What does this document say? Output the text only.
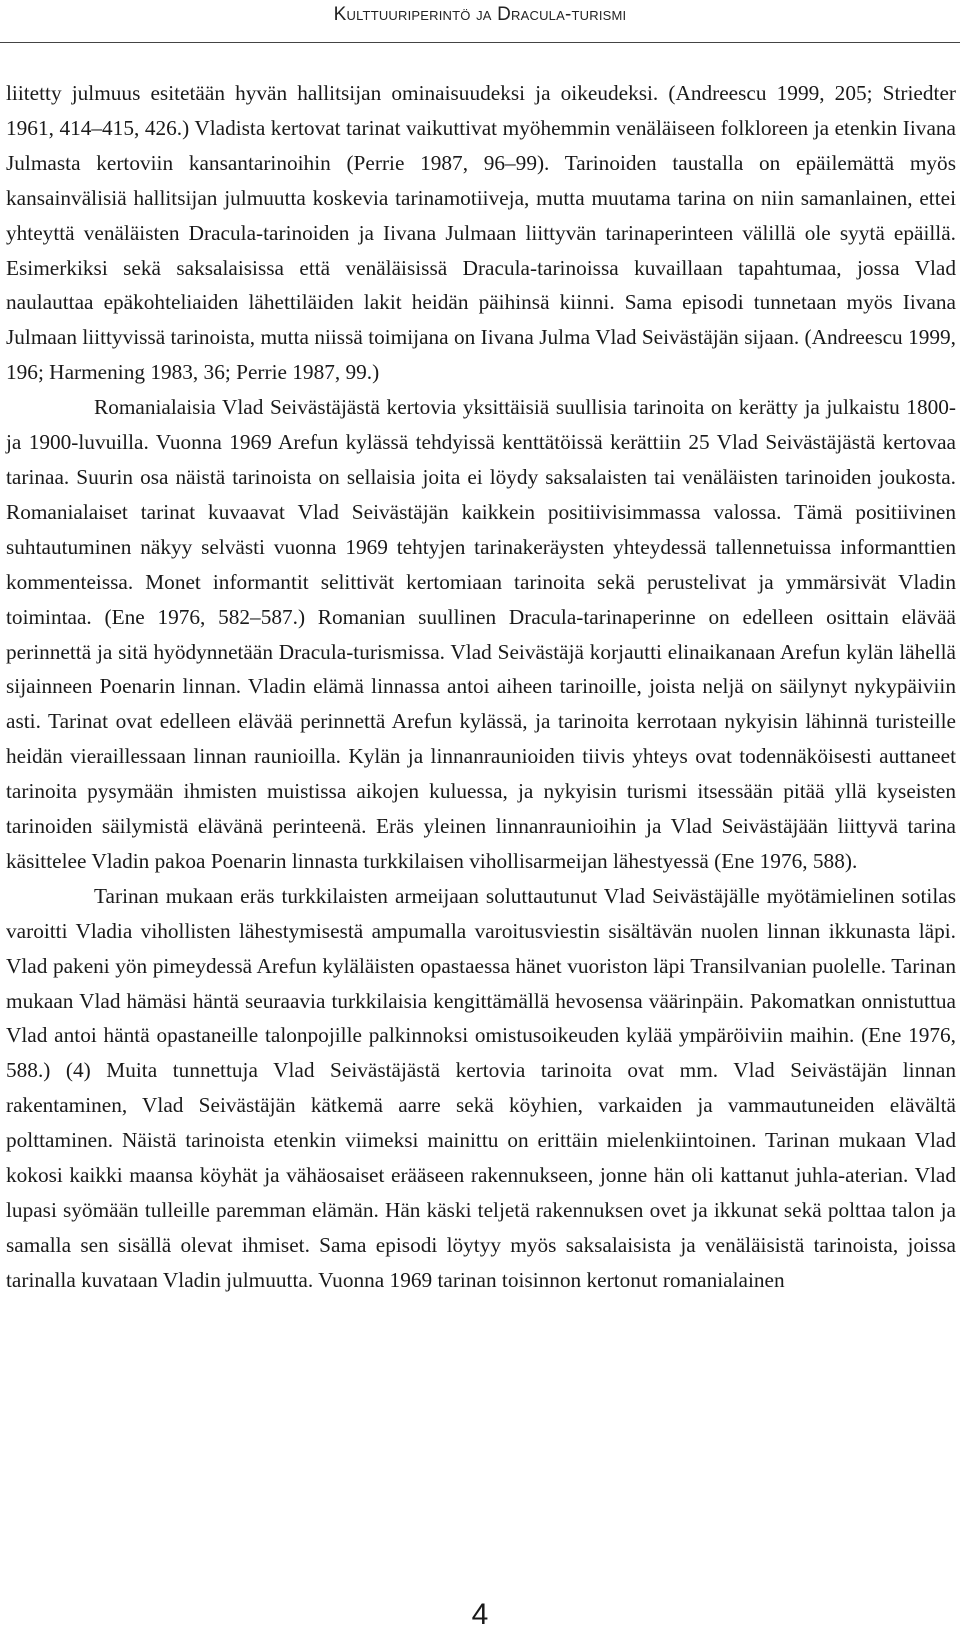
Kulttuuriperintö ja Dracula-turismi

liitetty julmuus esitetään hyvän hallitsijan ominaisuudeksi ja oikeudeksi. (Andreescu 1999, 205; Striedter 1961, 414–415, 426.) Vladista kertovat tarinat vaikuttivat myöhemmin venäläiseen folkloreen ja etenkin Iivana Julmasta kertoviin kansantarinoihin (Perrie 1987, 96–99). Tarinoiden taustalla on epäilemättä myös kansainvälisiä hallitsijan julmuutta koskevia tarinamotiiveja, mutta muutama tarina on niin samanlainen, ettei yhteyttä venäläisten Dracula-tarinoiden ja Iivana Julmaan liittyvän tarinaperinteen välillä ole syytä epäillä. Esimerkiksi sekä saksalaisissa että venäläisissä Dracula-tarinoissa kuvaillaan tapahtumaa, jossa Vlad naulauttaa epäkohteliaiden lähettiläiden lakit heidän päihinsä kiinni. Sama episodi tunnetaan myös Iivana Julmaan liittyvissä tarinoista, mutta niissä toimijana on Iivana Julma Vlad Seivästäjän sijaan. (Andreescu 1999, 196; Harmening 1983, 36; Perrie 1987, 99.)

Romanialaisia Vlad Seivästäjästä kertovia yksittäisiä suullisia tarinoita on kerätty ja julkaistu 1800- ja 1900-luvuilla. Vuonna 1969 Arefun kylässä tehdyissä kenttätöissä kerättiin 25 Vlad Seivästäjästä kertovaa tarinaa. Suurin osa näistä tarinoista on sellaisia joita ei löydy saksalaisten tai venäläisten tarinoiden joukosta. Romanialaiset tarinat kuvaavat Vlad Seivästäjän kaikkein positiivisimmassa valossa. Tämä positiivinen suhtautuminen näkyy selvästi vuonna 1969 tehtyjen tarinakeräysten yhteydessä tallennetuissa informanttien kommenteissa. Monet informantit selittivät kertomiaan tarinoita sekä perustelivat ja ymmärsivät Vladin toimintaa. (Ene 1976, 582–587.) Romanian suullinen Dracula-tarinaperinne on edelleen osittain elävää perinnettä ja sitä hyödynnetään Dracula-turismissa. Vlad Seivästäjä korjautti elinaikanaan Arefun kylän lähellä sijainneen Poenarin linnan. Vladin elämä linnassa antoi aiheen tarinoille, joista neljä on säilynyt nykypäiviin asti. Tarinat ovat edelleen elävää perinnettä Arefun kylässä, ja tarinoita kerrotaan nykyisin lähinnä turisteille heidän vieraillessaan linnan raunioilla. Kylän ja linnanraunioiden tiivis yhteys ovat todennäköisesti auttaneet tarinoita pysymään ihmisten muistissa aikojen kuluessa, ja nykyisin turismi itsessään pitää yllä kyseisten tarinoiden säilymistä elävänä perinteenä. Eräs yleinen linnanraunioihin ja Vlad Seivästäjään liittyvä tarina käsittelee Vladin pakoa Poenarin linnasta turkkilaisen vihollisarmeijan lähestyessä (Ene 1976, 588).

Tarinan mukaan eräs turkkilaisten armeijaan soluttautunut Vlad Seivästäjälle myötämielinen sotilas varoitti Vladia vihollisten lähestymisestä ampumalla varoitusviestin sisältävän nuolen linnan ikkunasta läpi. Vlad pakeni yön pimeydessä Arefun kyläläisten opastaessa hänet vuoriston läpi Transilvanian puolelle. Tarinan mukaan Vlad hämäsi häntä seuraavia turkkilaisia kengittämällä hevosensa väärinpäin. Pakomatkan onnistuttua Vlad antoi häntä opastaneille talonpojille palkinnoksi omistusoikeuden kylää ympäröiviin maihin. (Ene 1976, 588.) (4) Muita tunnettuja Vlad Seivästäjästä kertovia tarinoita ovat mm. Vlad Seivästäjän linnan rakentaminen, Vlad Seivästäjän kätkemä aarre sekä köyhien, varkaiden ja vammautuneiden elävältä polttaminen. Näistä tarinoista etenkin viimeksi mainittu on erittäin mielenkiintoinen. Tarinan mukaan Vlad kokosi kaikki maansa köyhät ja vähäosaiset erääseen rakennukseen, jonne hän oli kattanut juhla-aterian. Vlad lupasi syömään tulleille paremman elämän. Hän käski teljetä rakennuksen ovet ja ikkunat sekä polttaa talon ja samalla sen sisällä olevat ihmiset. Sama episodi löytyy myös saksalaisista ja venäläisistä tarinoista, joissa tarinalla kuvataan Vladin julmuutta. Vuonna 1969 tarinan toisinnon kertonut romanialainen

4
